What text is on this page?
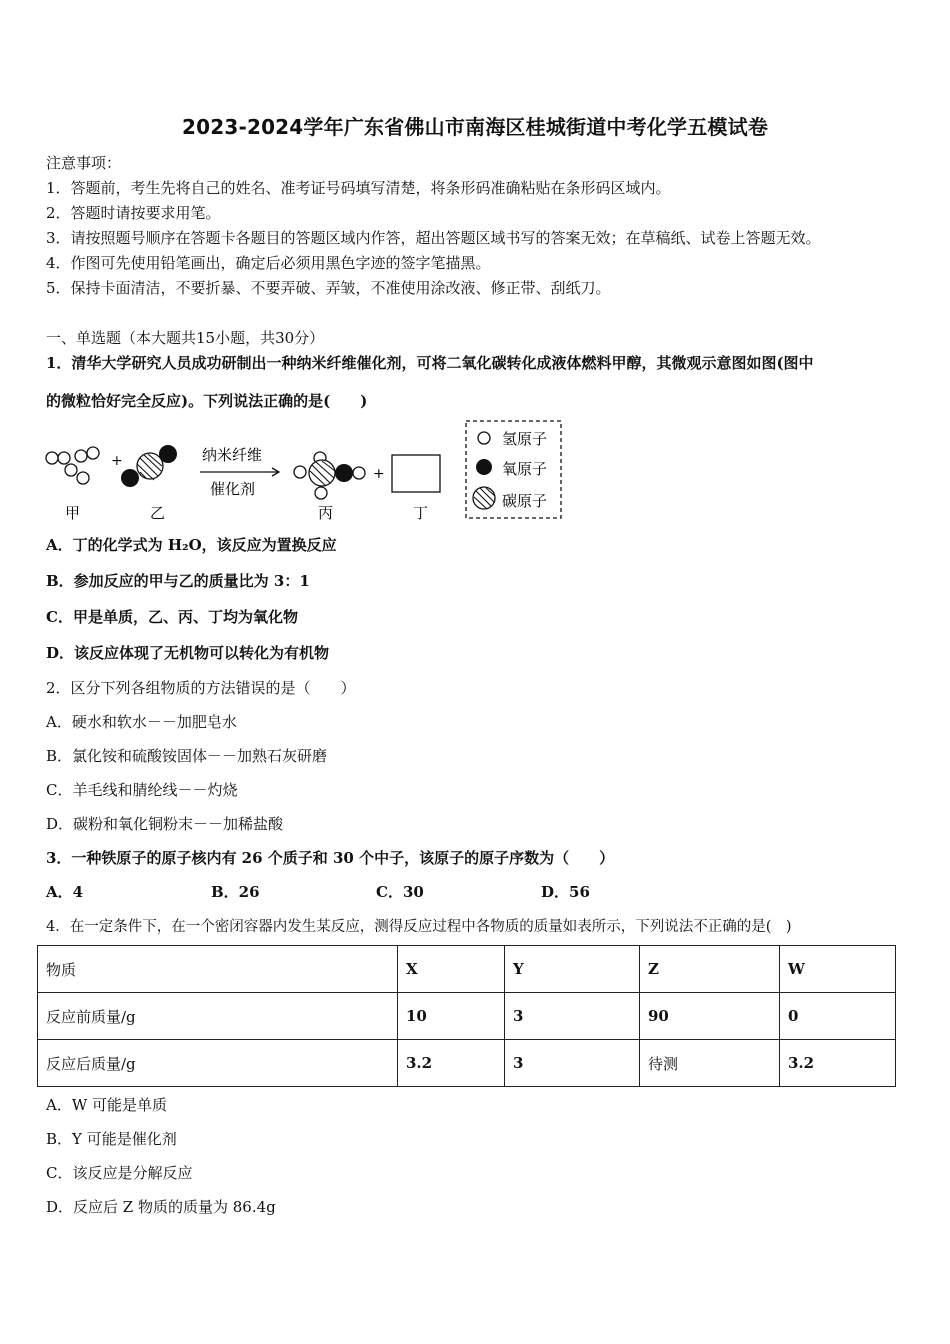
2023-2024学年广东省佛山市南海区桂城街道中考化学五模试卷
注意事项：
1．答题前，考生先将自己的姓名、准考证号码填写清楚，将条形码准确粘贴在条形码区域内。
2．答题时请按要求用笔。
3．请按照题号顺序在答题卡各题目的答题区域内作答，超出答题区域书写的答案无效；在草稿纸、试卷上答题无效。
4．作图可先使用铅笔画出，确定后必须用黑色字迹的签字笔描黑。
5．保持卡面清洁，不要折暴、不要弄破、弄皱，不准使用涂改液、修正带、刮纸刀。
一、单选题（本大题共15小题，共30分）
1．清华大学研究人员成功研制出一种纳米纤维催化剂，可将二氧化碳转化成液体燃料甲醇，其微观示意图如图(图中
的微粒恰好完全反应)。下列说法正确的是(　　)
+	纳米纤维
催化剂
+
氢原子
氧原子
碳原子
甲	乙	丙	丁
A．丁的化学式为 H₂O，该反应为置换反应
B．参加反应的甲与乙的质量比为 3：1
C．甲是单质，乙、丙、丁均为氧化物
D．该反应体现了无机物可以转化为有机物
2．区分下列各组物质的方法错误的是（　　）
A．硬水和软水－－加肥皂水
B．氯化铵和硫酸铵固体－－加熟石灰研磨
C．羊毛线和腈纶线－－灼烧
D．碳粉和氧化铜粉末－－加稀盐酸
3．一种铁原子的原子核内有 26 个质子和 30 个中子，该原子的原子序数为（　　）
A．4	B．26	C．30	D．56
4．在一定条件下，在一个密闭容器内发生某反应，测得反应过程中各物质的质量如表所示，下列说法不正确的是(　)
物质	X	Y	Z	W
反应前质量/g	10	3	90	0
反应后质量/g	3.2	3	待测	3.2
A．W 可能是单质
B．Y 可能是催化剂
C．该反应是分解反应
D．反应后 Z 物质的质量为 86.4g
